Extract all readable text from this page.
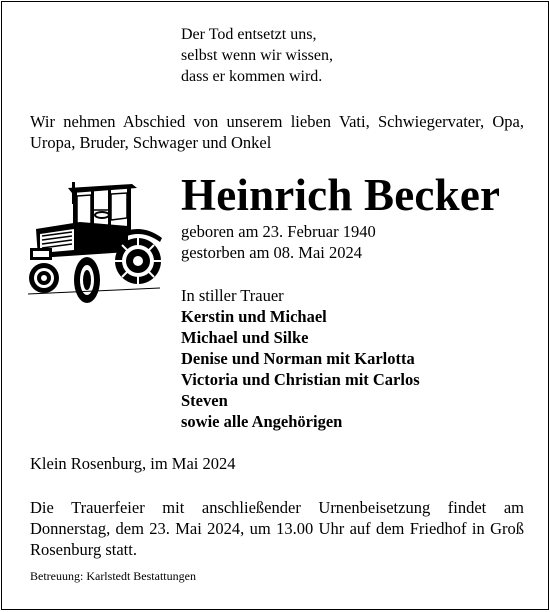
Der Tod entsetzt uns,
selbst wenn wir wissen,
dass er kommen wird.
Wir nehmen Abschied von unserem lieben Vati, Schwiegervater, Opa, Uropa, Bruder, Schwager und Onkel
Heinrich Becker
geboren am 23. Februar 1940
gestorben am 08. Mai 2024
In stiller Trauer
Kerstin und Michael
Michael und Silke
Denise und Norman mit Karlotta
Victoria und Christian mit Carlos
Steven
sowie alle Angehörigen
Klein Rosenburg, im Mai 2024
Die Trauerfeier mit anschließender Urnenbeisetzung findet am Donnerstag, dem 23. Mai 2024, um 13.00 Uhr auf dem Friedhof in Groß Rosenburg statt.
Betreuung: Karlstedt Bestattungen
